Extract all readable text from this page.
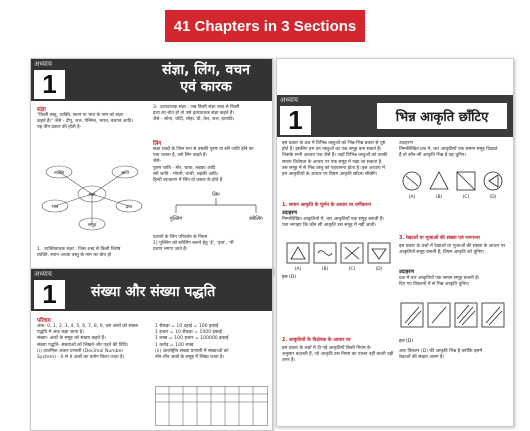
41 Chapters in 3 Sections
अध्याय
1	संज्ञा, लिंग, वचन
एवं कारक
संज्ञा
"किसी वस्तु, व्यक्ति, स्थान या भाव के नाम को संज्ञा
कहते हैं।" जैसे - दीपू, जल, पेन्सिल, भारत, बचपन आदि।
यह तीन प्रकार की होती है-
3.  द्रव्यवाचक संज्ञा : जब किसी संज्ञा शब्द से किसी
द्रव्य का बोध हो तो उसे द्रव्यवाचक संज्ञा कहते हैं।
जैसे - सोना, चाँदी, लोहा, घी, तेल, जल, इत्यादि।
लिंग
संज्ञा शब्दों के जिस रूप से उसकी पुरुष या स्त्री जाति होने का
पता चलता है, उसे लिंग कहते हैं।
जैसे-
पुरुष जाति - मोर, चाचा, लड़का आदि
स्त्री जाति - मोरनी, चाची, लड़की आदि।
हिन्दी व्याकरण में लिंग दो प्रकार के होते हैं
संज्ञा
व्यक्ति	जाति
भाव	द्रव्य
समूह
लिंग
पुल्लिंग	स्त्रीलिंग
1.  व्यक्तिवाचक संज्ञा : जिस शब्द से किसी विशेष
व्यक्ति, स्थान अथवा वस्तु के नाम का बोध हो
प्रत्ययों के लिंग परिवर्तन के नियम
1) पुल्लिंग को स्त्रीलिंग बनाने हेतु 'ई', 'इया', 'नी'
प्रत्यय लगाए जाते हैं।
अध्याय
1	संख्या और संख्या पद्धति
परिचय
अंक- 0, 1, 2, 3, 4, 5, 6, 7, 8, 9, दस अंकों को संख्या
पद्धति में अंक कहा जाता है।
संख्या- अंकों के समूह को संख्या कहते हैं।
संख्या पद्धति- संख्याओं को लिखने और पढ़ने की विधि।
(i) दाशमिक अंकन प्रणाली (Decimal Number
System) - 0 से 9 अंकों का प्रयोग किया जाता है।
1 सैकड़ा = 10 दहाई = 100 इकाई
1 हजार = 10 सैकड़ा = 1000 इकाई
1 लाख = 100 हजार = 100000 इकाई
1 करोड़ = 100 लाख
(ii) अंतर्राष्ट्रीय संख्या प्रणाली में संख्याओं को
तीन-तीन अंकों के समूह में लिखा जाता है।
अध्याय
1	भिन्न आकृति छाँटिए
इस प्रकार के प्रश्न में विभिन्न वस्तुओं को भिन्न-भिन्न प्रकार से पुष्ट
होते हैं। इसलिए हम उन वस्तुओं का एक समूह बना सकते हैं।
जिसके सभी अवयव एक जैसे हैं। जहाँ विभिन्न वस्तुओं को उनकी
समान विशेषता के आधार पर एक समूह में रखा जा सकता है,
उस समूह में से भिन्न वस्तु को पहचानना होता है। इस अध्याय में
हम आकृतियों के आधार पर विषम आकृति छाँटना सीखेंगे।
1. समान आकृति के घूर्णन के आधार पर वर्गीकरण
उदाहरण
निम्नलिखित आकृतियों में, चार आकृतियाँ एक समूह बनाती हैं।
पता लगाइए कि कौन सी आकृति उस समूह में नहीं आती।
(A)	(B)	(C)	(D)
हल (D)
2. आकृतियों के विक्षेपक के आधार पर
इस प्रकार के प्रश्नों में दी गई आकृतियाँ किसी नियम के
अनुसार बदलती हैं, जो आकृति उस नियम का पालन नहीं करती वही उत्तर है।
उदाहरण
निम्नलिखित प्रश्न में, चार आकृतियाँ एक समान समूह दिखाते
हैं तो कौन-सी आकृति भिन्न है वह चुनिए।
(A)	(B)	(C)	(D)
3. रेखाओं या भुजाओं की संख्या एवं भागान्तर
इस प्रकार के प्रश्नों में रेखाओं या भुजाओं की संख्या के आधार पर
आकृतियाँ समूह बनाती हैं, विषम आकृति को चुनिए।
उदाहरण
प्रश्न में चार आकृतियाँ एक समान समूह बनाती हैं।
दिए गए विकल्पों में से भिन्न आकृति चुनिए।
हल (D)
अतः विकल्प (D) की आकृति भिन्न है क्योंकि इसमें
रेखाओं की संख्या अलग है।
